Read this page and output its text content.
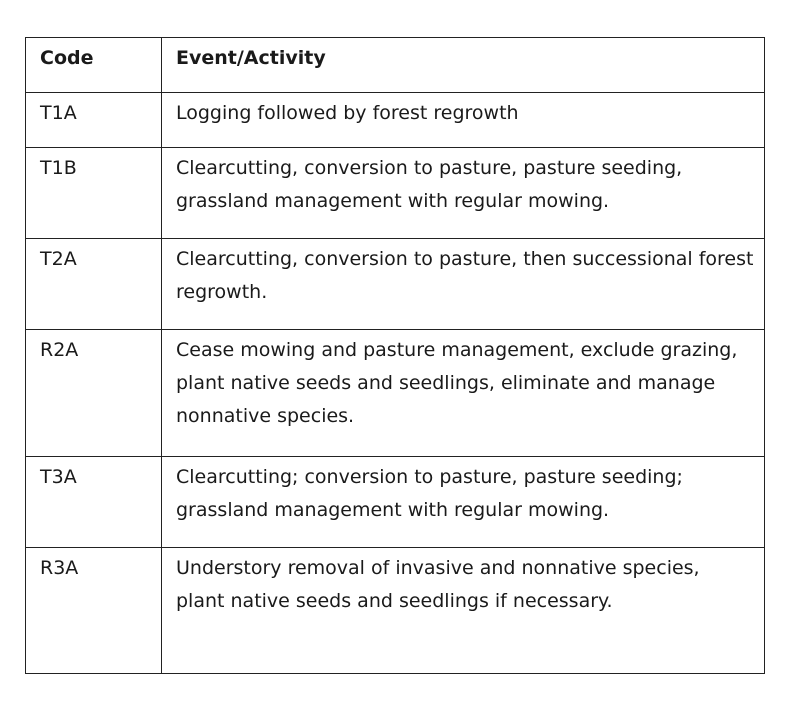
Code	Event/Activity
T1A	Logging followed by forest regrowth
T1B	Clearcutting, conversion to pasture, pasture seeding, grassland management with regular mowing.
T2A	Clearcutting, conversion to pasture, then successional forest regrowth.
R2A	Cease mowing and pasture management, exclude grazing, plant native seeds and seedlings, eliminate and manage nonnative species.
T3A	Clearcutting; conversion to pasture, pasture seeding; grassland management with regular mowing.
R3A	Understory removal of invasive and nonnative species, plant native seeds and seedlings if necessary.
